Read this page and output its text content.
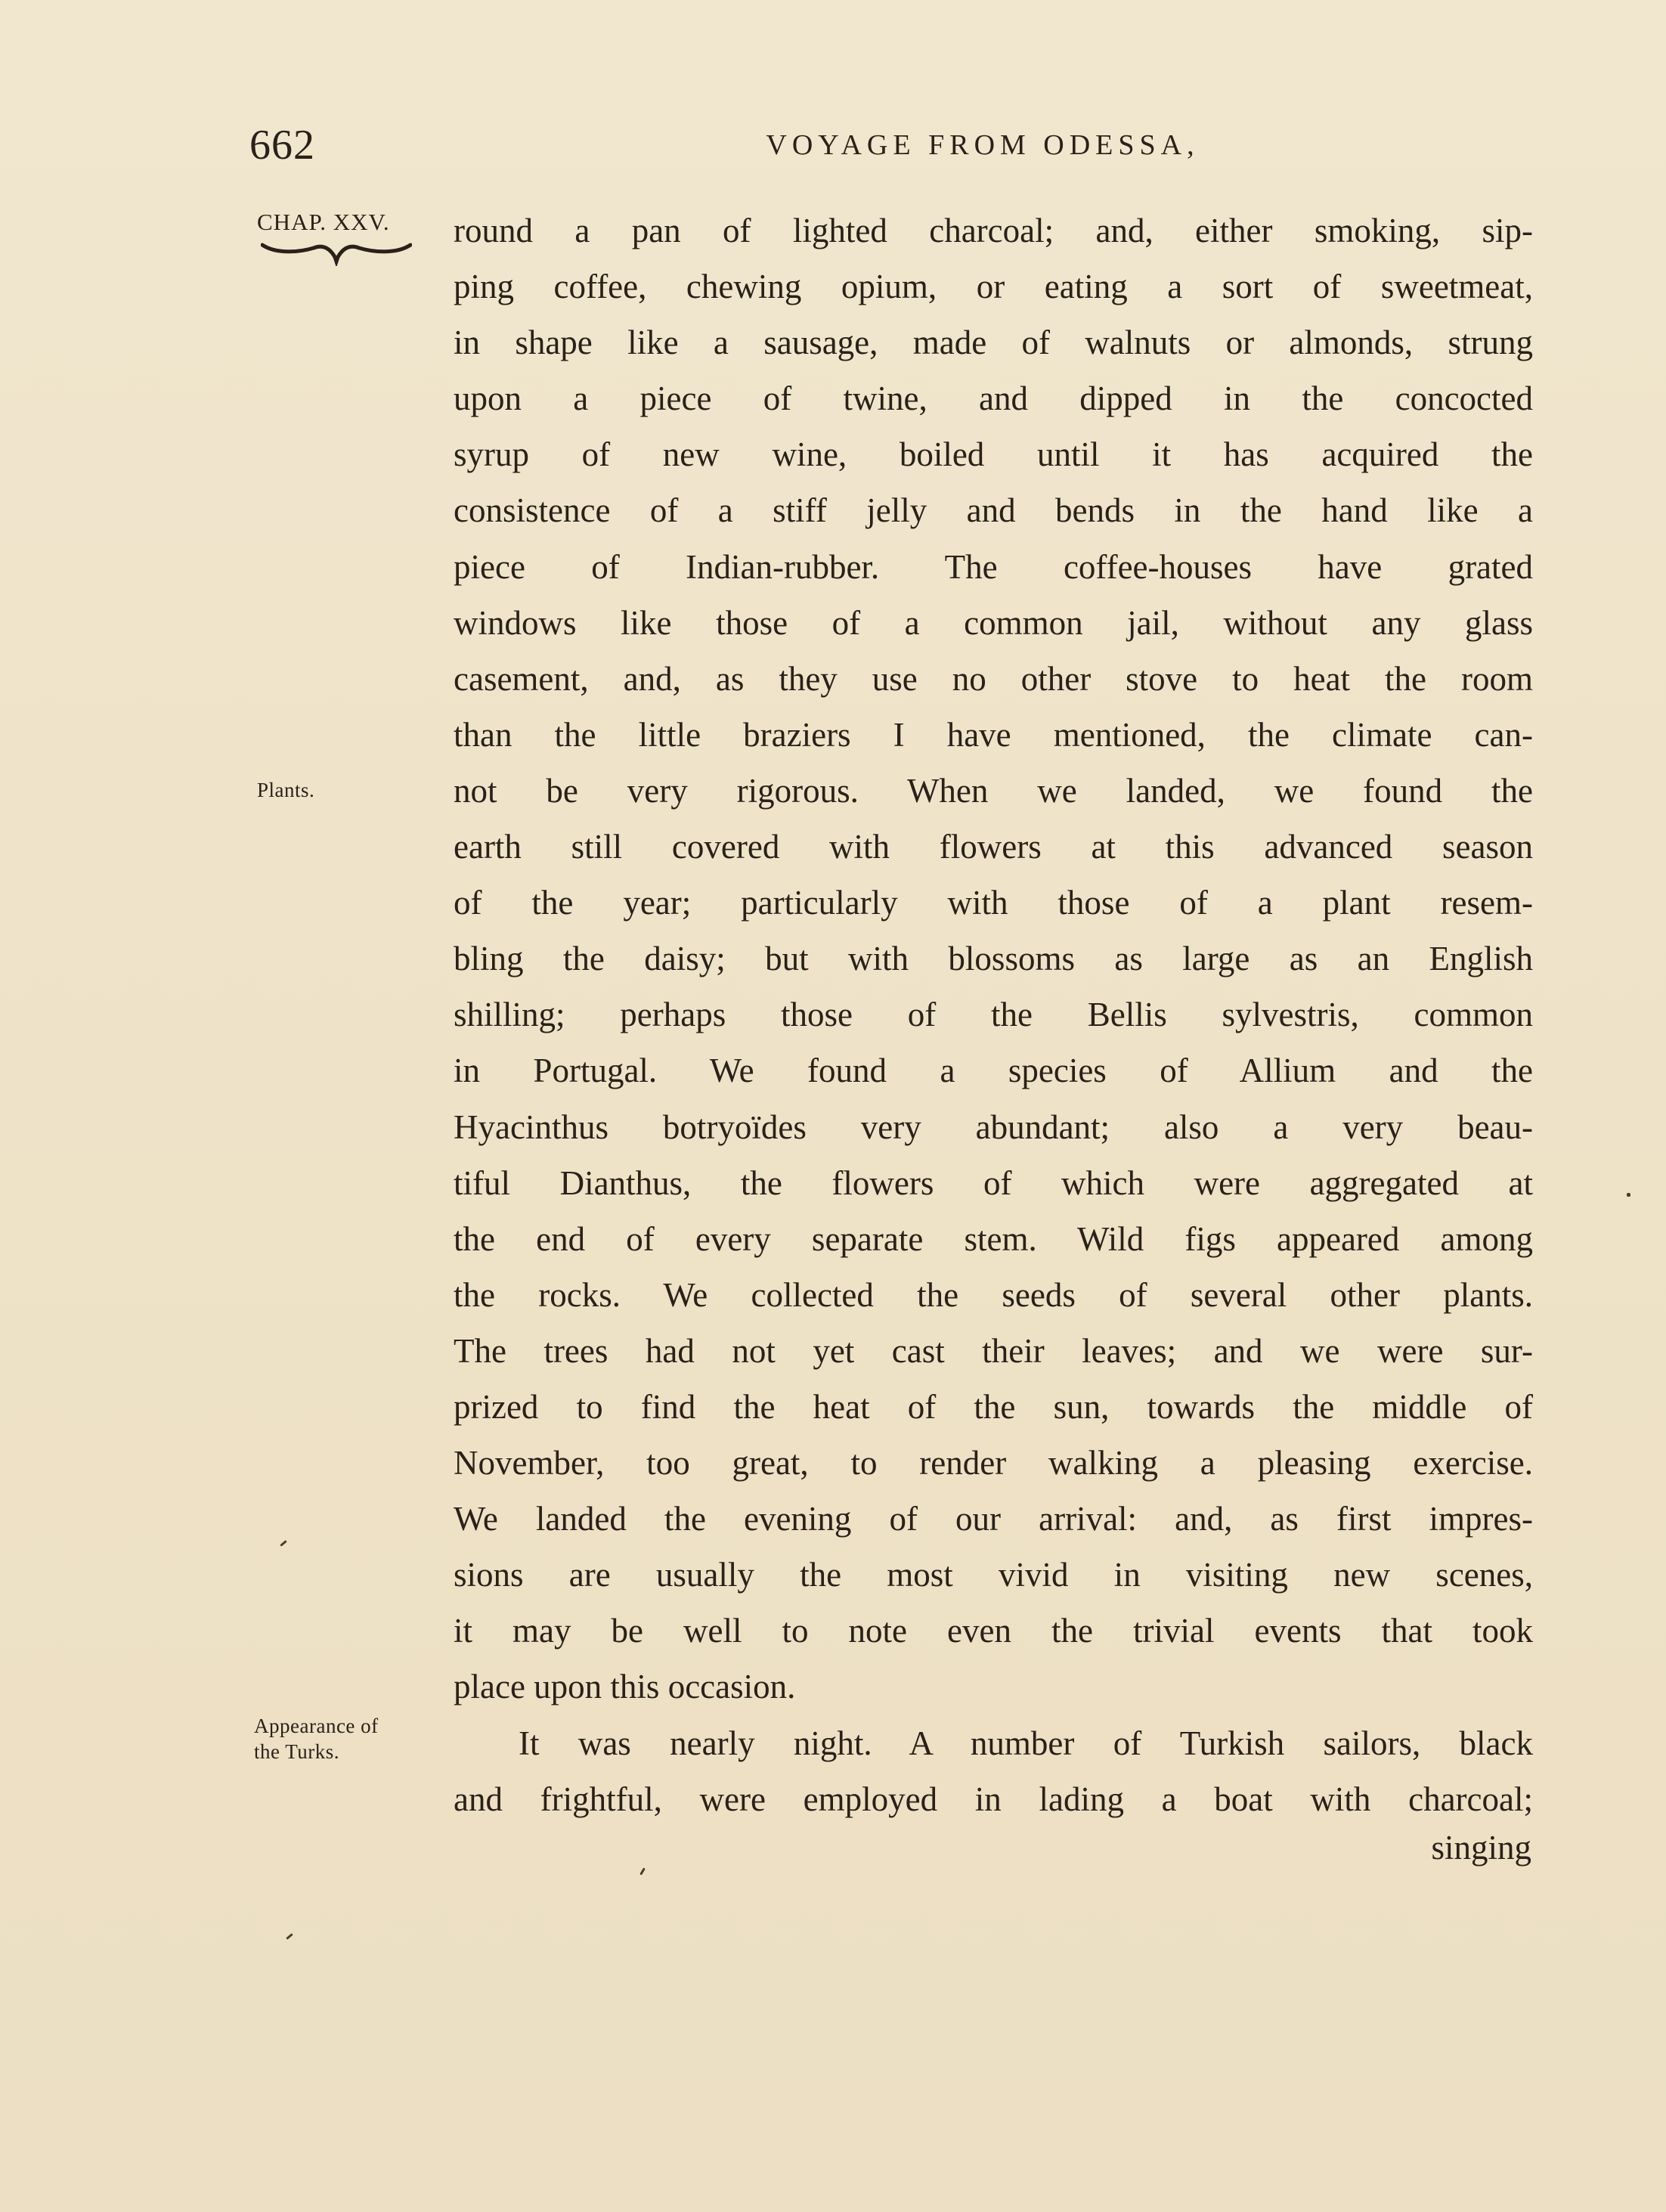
662	VOYAGE FROM ODESSA,
CHAP. XXV.
Plants.
Appearance of
the Turks.
round a pan of lighted charcoal; and, either smoking, sip-
ping coffee, chewing opium, or eating a sort of sweetmeat,
in shape like a sausage, made of walnuts or almonds, strung
upon a piece of twine, and dipped in the concocted
syrup of new wine, boiled until it has acquired the
consistence of a stiff jelly and bends in the hand like a
piece of Indian-rubber. The coffee-houses have grated
windows like those of a common jail, without any glass
casement, and, as they use no other stove to heat the room
than the little braziers I have mentioned, the climate can-
not be very rigorous. When we landed, we found the
earth still covered with flowers at this advanced season
of the year; particularly with those of a plant resem-
bling the daisy; but with blossoms as large as an English
shilling; perhaps those of the Bellis sylvestris, common
in Portugal. We found a species of Allium and the
Hyacinthus botryoïdes very abundant; also a very beau-
tiful Dianthus, the flowers of which were aggregated at
the end of every separate stem. Wild figs appeared among
the rocks. We collected the seeds of several other plants.
The trees had not yet cast their leaves; and we were sur-
prized to find the heat of the sun, towards the middle of
November, too great, to render walking a pleasing exercise.
We landed the evening of our arrival: and, as first impres-
sions are usually the most vivid in visiting new scenes,
it may be well to note even the trivial events that took
place upon this occasion.
It was nearly night. A number of Turkish sailors, black
and frightful, were employed in lading a boat with charcoal;
singing
